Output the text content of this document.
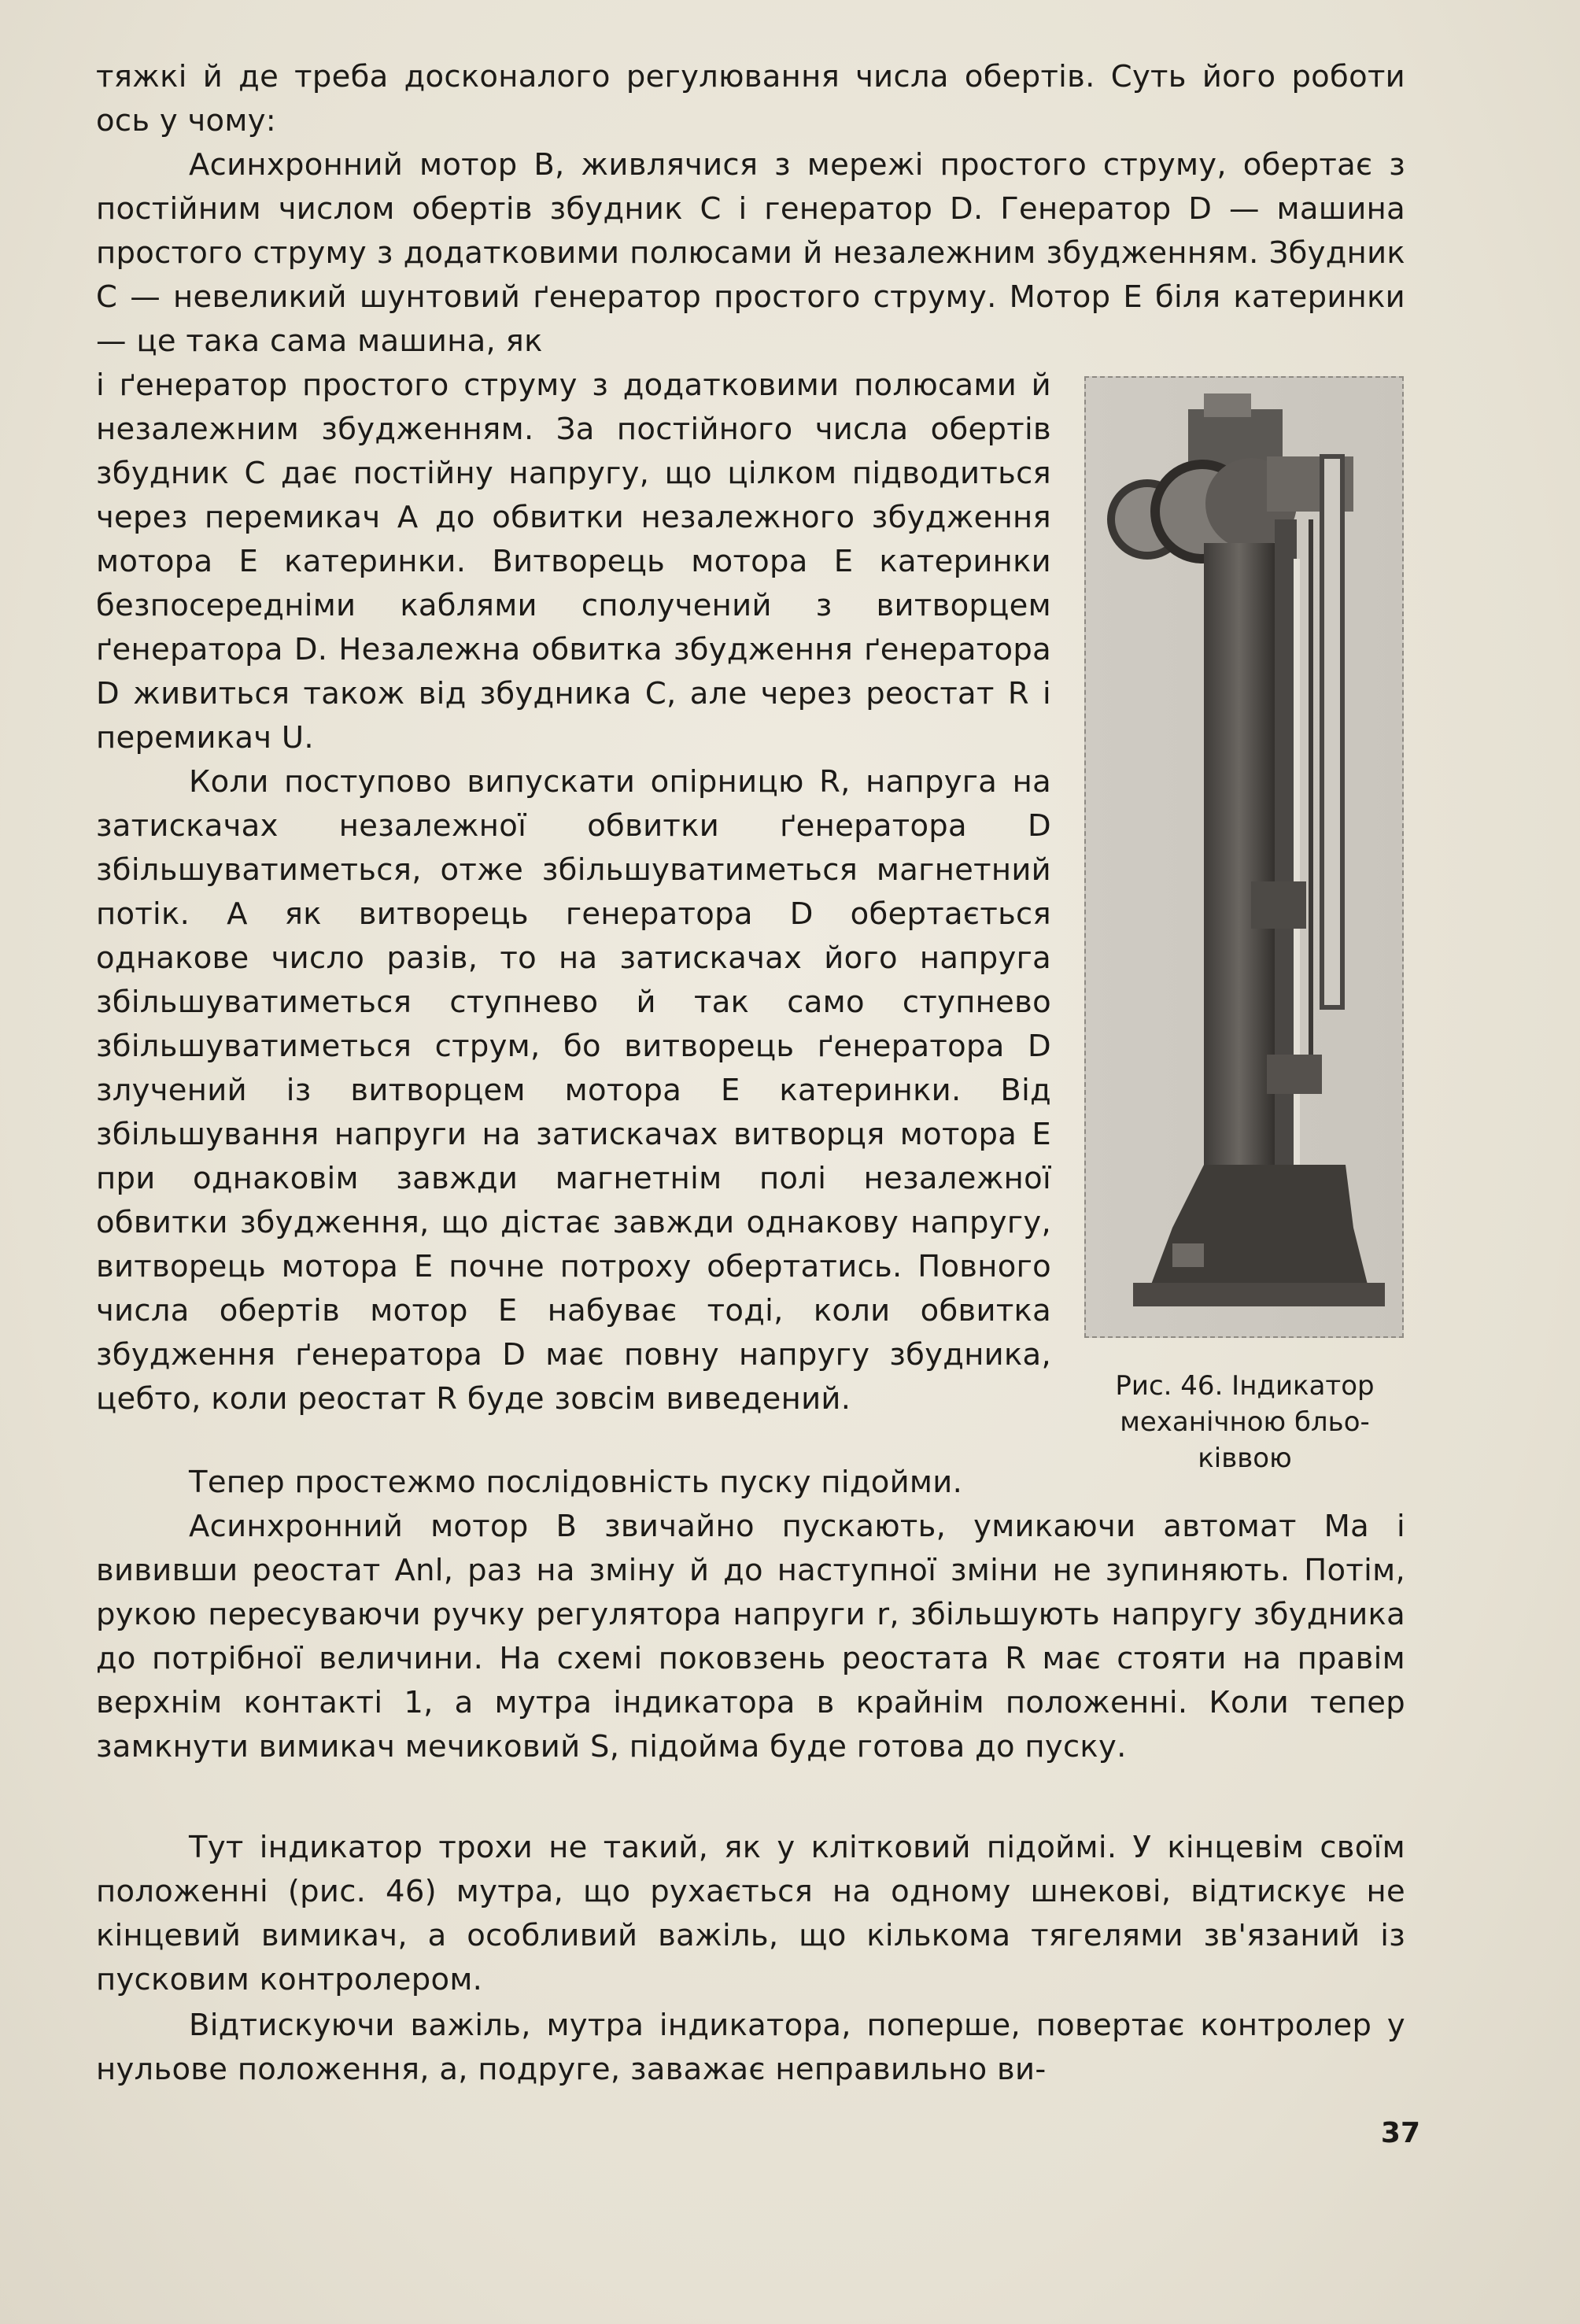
тяжкі й де треба досконалого регулювання числа обертів. Суть його роботи ось у чому:

Асинхронний мотор B, живлячися з мережі простого струму, обертає з постійним числом обертів збудник C і генератор D. Генератор D — машина простого струму з додатковими полюсами й незалежним збудженням. Збудник C — невеликий шунтовий ґенератор простого струму. Мотор E біля катеринки — це така сама машина, як

і ґенератор простого струму з додатковими полюсами й незалежним збудженням. За постійного числа обертів збудник C дає постійну напругу, що цілком підводиться через перемикач A до обвитки незалежного збудження мотора E катеринки. Витворець мотора E катеринки безпосередніми каблями сполучений з витворцем ґенератора D. Незалежна обвитка збудження ґенератора D живиться також від збудника C, але через реостат R і перемикач U.

Коли поступово випускати опірницю R, напруга на затискачах незалежної обвитки ґенератора D збільшуватиметься, отже збільшуватиметься магнетний потік. А як витворець генератора D обертається однакове число разів, то на затискачах його напруга збільшуватиметься ступнево й так само ступнево збільшуватиметься струм, бо витворець ґенератора D злучений із витворцем мотора E катеринки. Від збільшування напруги на затискачах витворця мотора E при однаковім завжди магнетнім полі незалежної обвитки збудження, що дістає завжди однакову напругу, витворець мотора E почне потроху обертатись. Повного числа обертів мотор E набуває тоді, коли обвитка збудження ґенератора D має повну напругу збудника, цебто, коли реостат R буде зовсім виведений.

Тепер простежмо послідовність пуску підойми.

Асинхронний мотор B звичайно пускають, умикаючи автомат Ma і вививши реостат Anl, раз на зміну й до наступної зміни не зупиняють. Потім, рукою пересуваючи ручку регулятора напруги r, збільшують напругу збудника до потрібної величини. На схемі поковзень реостата R має стояти на правім верхнім контакті 1, а мутра індикатора в крайнім положенні. Коли тепер замкнути вимикач мечиковий S, підойма буде готова до пуску.

Тут індикатор трохи не такий, як у клітковий підоймі. У кінцевім своїм положенні (рис. 46) мутра, що рухається на одному шнекові, відтискує не кінцевий вимикач, а особливий важіль, що кількома тягелями зв'язаний із пусковим контролером.

Відтискуючи важіль, мутра індикатора, поперше, повертає контролер у нульове положення, а, подруге, заважає неправильно ви-

Рис. 46. Індикатор механічною бльо-ківвою
37
